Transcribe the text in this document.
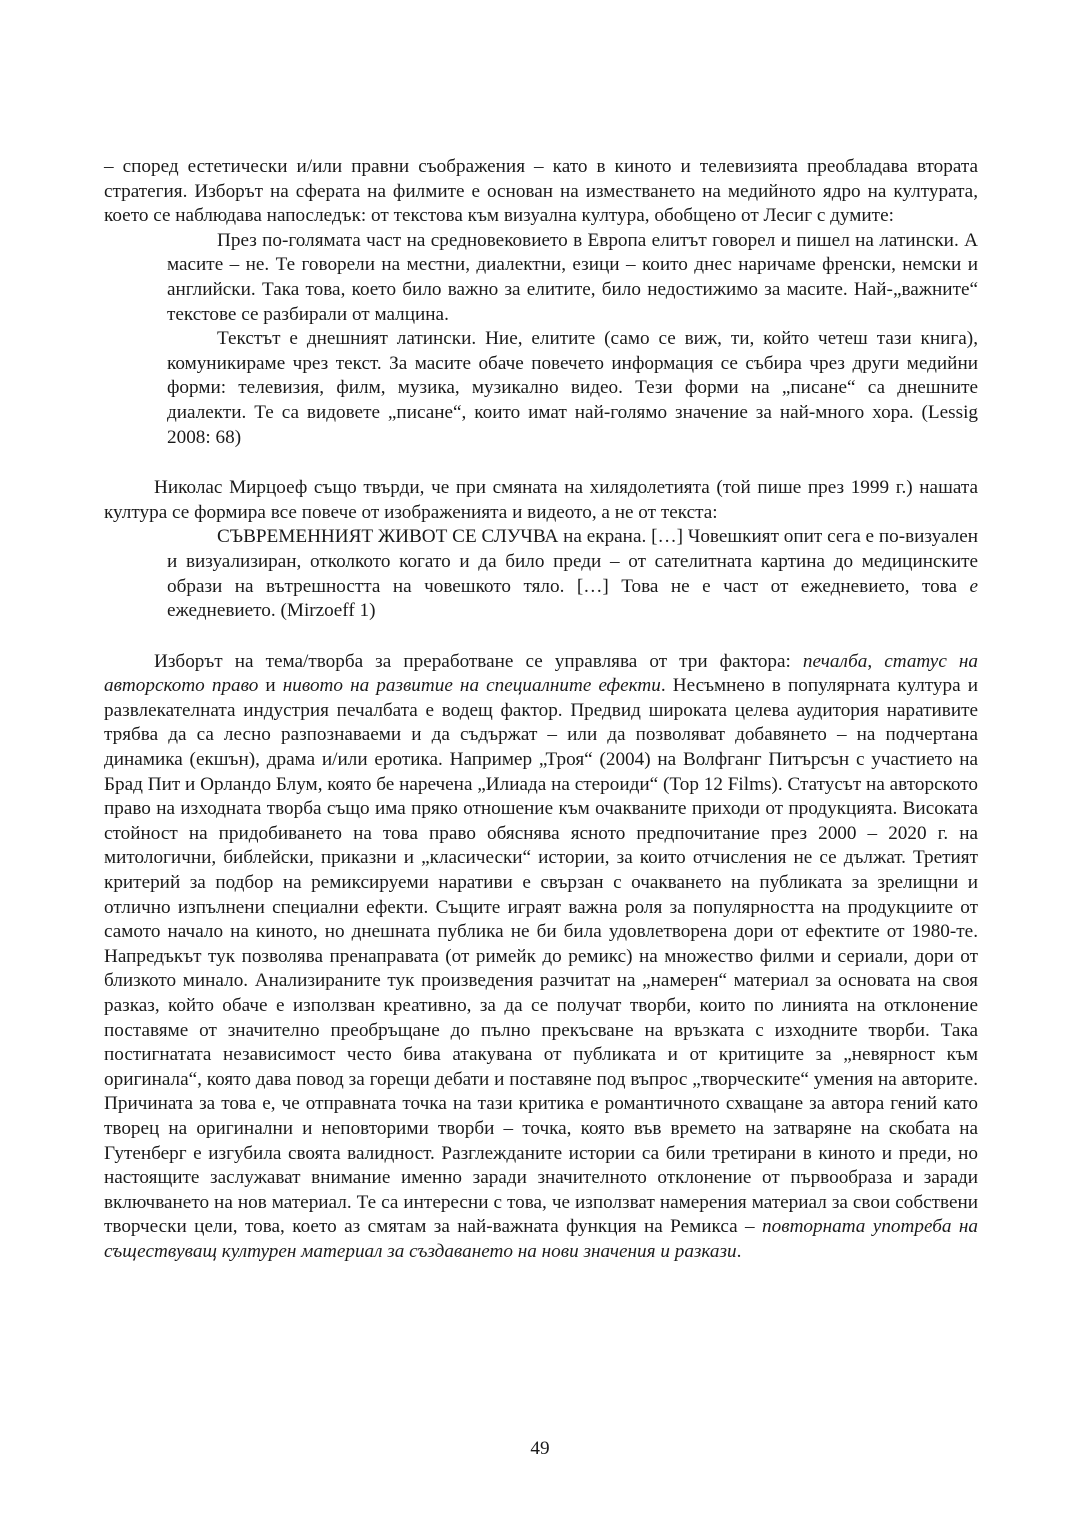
– според естетически и/или правни съображения – като в киното и телевизията преобладава втората стратегия. Изборът на сферата на филмите е основан на изместването на медийното ядро на културата, което се наблюдава напоследък: от текстова към визуална култура, обобщено от Лесиг с думите:

През по-голямата част на средновековието в Европа елитът говорел и пишел на латински. А масите – не. Те говорели на местни, диалектни, езици – които днес наричаме френски, немски и английски. Така това, което било важно за елитите, било недостижимо за масите. Най-„важните“ текстове се разбирали от малцина.

Текстът е днешният латински. Ние, елитите (само се виж, ти, който четеш тази книга), комуникираме чрез текст. За масите обаче повечето информация се събира чрез други медийни форми: телевизия, филм, музика, музикално видео. Тези форми на „писане“ са днешните диалекти. Те са видовете „писане“, които имат най-голямо значение за най-много хора. (Lessig 2008: 68)

Николас Мирцоеф също твърди, че при смяната на хилядолетията (той пише през 1999 г.) нашата култура се формира все повече от изображенията и видеото, а не от текста:

СЪВРЕМЕННИЯТ ЖИВОТ СЕ СЛУЧВА на екрана. […] Човешкият опит сега е по-визуален и визуализиран, отколкото когато и да било преди – от сателитната картина до медицинските образи на вътрешността на човешкото тяло. […] Това не е част от ежедневието, това е ежедневието. (Mirzoeff 1)

Изборът на тема/творба за преработване се управлява от три фактора: печалба, статус на авторското право и нивото на развитие на специалните ефекти. Несъмнено в популярната култура и развлекателната индустрия печалбата е водещ фактор. Предвид широката целева аудитория наративите трябва да са лесно разпознаваеми и да съдържат – или да позволяват добавянето – на подчертана динамика (екшън), драма и/или еротика. Например „Троя“ (2004) на Волфганг Питърсън с участието на Брад Пит и Орландо Блум, която бе наречена „Илиада на стероиди“ (Top 12 Films). Статусът на авторското право на изходната творба също има пряко отношение към очакваните приходи от продукцията. Високата стойност на придобиването на това право обяснява ясното предпочитание през 2000 – 2020 г. на митологични, библейски, приказни и „класически“ истории, за които отчисления не се дължат. Третият критерий за подбор на ремиксируеми наративи е свързан с очакването на публиката за зрелищни и отлично изпълнени специални ефекти. Същите играят важна роля за популярността на продукциите от самото начало на киното, но днешната публика не би била удовлетворена дори от ефектите от 1980-те. Напредъкът тук позволява пренаправата (от римейк до ремикс) на множество филми и сериали, дори от близкото минало. Анализираните тук произведения разчитат на „намерен“ материал за основата на своя разказ, който обаче е използван креативно, за да се получат творби, които по линията на отклонение поставяме от значително преобръщане до пълно прекъсване на връзката с изходните творби. Така постигнатата независимост често бива атакувана от публиката и от критиците за „невярност към оригинала“, която дава повод за горещи дебати и поставяне под въпрос „творческите“ умения на авторите. Причината за това е, че отправната точка на тази критика е романтичното схващане за автора гений като творец на оригинални и неповторими творби – точка, която във времето на затваряне на скобата на Гутенберг е изгубила своята валидност. Разглежданите истории са били третирани в киното и преди, но настоящите заслужават внимание именно заради значителното отклонение от първообраза и заради включването на нов материал. Те са интересни с това, че използват намерения материал за свои собствени творчески цели, това, което аз смятам за най-важната функция на Ремикса – повторната употреба на съществуващ културен материал за създаването на нови значения и разкази.

49
